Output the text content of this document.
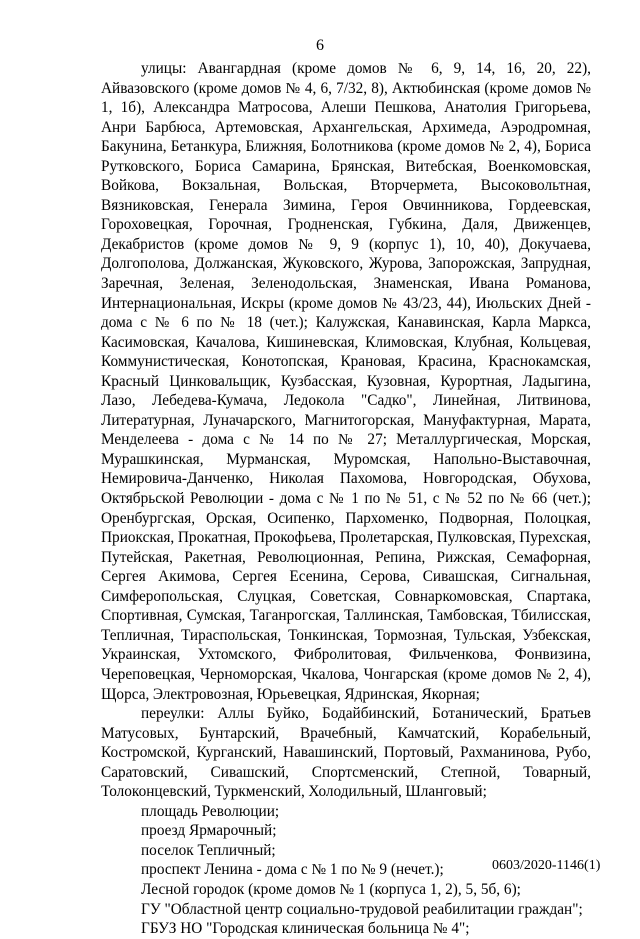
6

улицы: Авангардная (кроме домов № 6, 9, 14, 16, 20, 22), Айвазовского (кроме домов № 4, 6, 7/32, 8), Актюбинская (кроме домов № 1, 1б), Александра Матросова, Алеши Пешкова, Анатолия Григорьева, Анри Барбюса, Артемовская, Архангельская, Архимеда, Аэродромная, Бакунина, Бетанкура, Ближняя, Болотникова (кроме домов № 2, 4), Бориса Рутковского, Бориса Самарина, Брянская, Витебская, Военкомовская, Войкова, Вокзальная, Вольская, Вторчермета, Высоковольтная, Вязниковская, Генерала Зимина, Героя Овчинникова, Гордеевская, Гороховецкая, Горочная, Гродненская, Губкина, Даля, Движенцев, Декабристов (кроме домов № 9, 9 (корпус 1), 10, 40), Докучаева, Долгополова, Должанская, Жуковского, Журова, Запорожская, Запрудная, Заречная, Зеленая, Зеленодольская, Знаменская, Ивана Романова, Интернациональная, Искры (кроме домов № 43/23, 44), Июльских Дней - дома с № 6 по № 18 (чет.); Калужская, Канавинская, Карла Маркса, Касимовская, Качалова, Кишиневская, Климовская, Клубная, Кольцевая, Коммунистическая, Конотопская, Крановая, Красина, Краснокамская, Красный Цинковальщик, Кузбасская, Кузовная, Курортная, Ладыгина, Лазо, Лебедева-Кумача, Ледокола "Садко", Линейная, Литвинова, Литературная, Луначарского, Магнитогорская, Мануфактурная, Марата, Менделеева - дома с № 14 по № 27; Металлургическая, Морская, Мурашкинская, Мурманская, Муромская, Напольно-Выставочная, Немировича-Данченко, Николая Пахомова, Новгородская, Обухова, Октябрьской Революции - дома с № 1 по № 51, с № 52 по № 66 (чет.); Оренбургская, Орская, Осипенко, Пархоменко, Подворная, Полоцкая, Приокская, Прокатная, Прокофьева, Пролетарская, Пулковская, Пурехская, Путейская, Ракетная, Революционная, Репина, Рижская, Семафорная, Сергея Акимова, Сергея Есенина, Серова, Сивашская, Сигнальная, Симферопольская, Слуцкая, Советская, Совнаркомовская, Спартака, Спортивная, Сумская, Таганрогская, Таллинская, Тамбовская, Тбилисская, Тепличная, Тираспольская, Тонкинская, Тормозная, Тульская, Узбекская, Украинская, Ухтомского, Фибролитовая, Фильченкова, Фонвизина, Череповецкая, Черноморская, Чкалова, Чонгарская (кроме домов № 2, 4), Щорса, Электровозная, Юрьевецкая, Ядринская, Якорная;

переулки: Аллы Буйко, Бодайбинский, Ботанический, Братьев Матусовых, Бунтарский, Врачебный, Камчатский, Корабельный, Костромской, Курганский, Навашинский, Портовый, Рахманинова, Рубо, Саратовский, Сивашский, Спортсменский, Степной, Товарный, Толоконцевский, Туркменский, Холодильный, Шланговый;

площадь Революции;

проезд Ярмарочный;

поселок Тепличный;

проспект Ленина - дома с № 1 по № 9 (нечет.);

Лесной городок (кроме домов № 1 (корпуса 1, 2), 5, 5б, 6);

ГУ "Областной центр социально-трудовой реабилитации граждан";

ГБУЗ НО "Городская клиническая больница № 4";

0603/2020-1146(1)
